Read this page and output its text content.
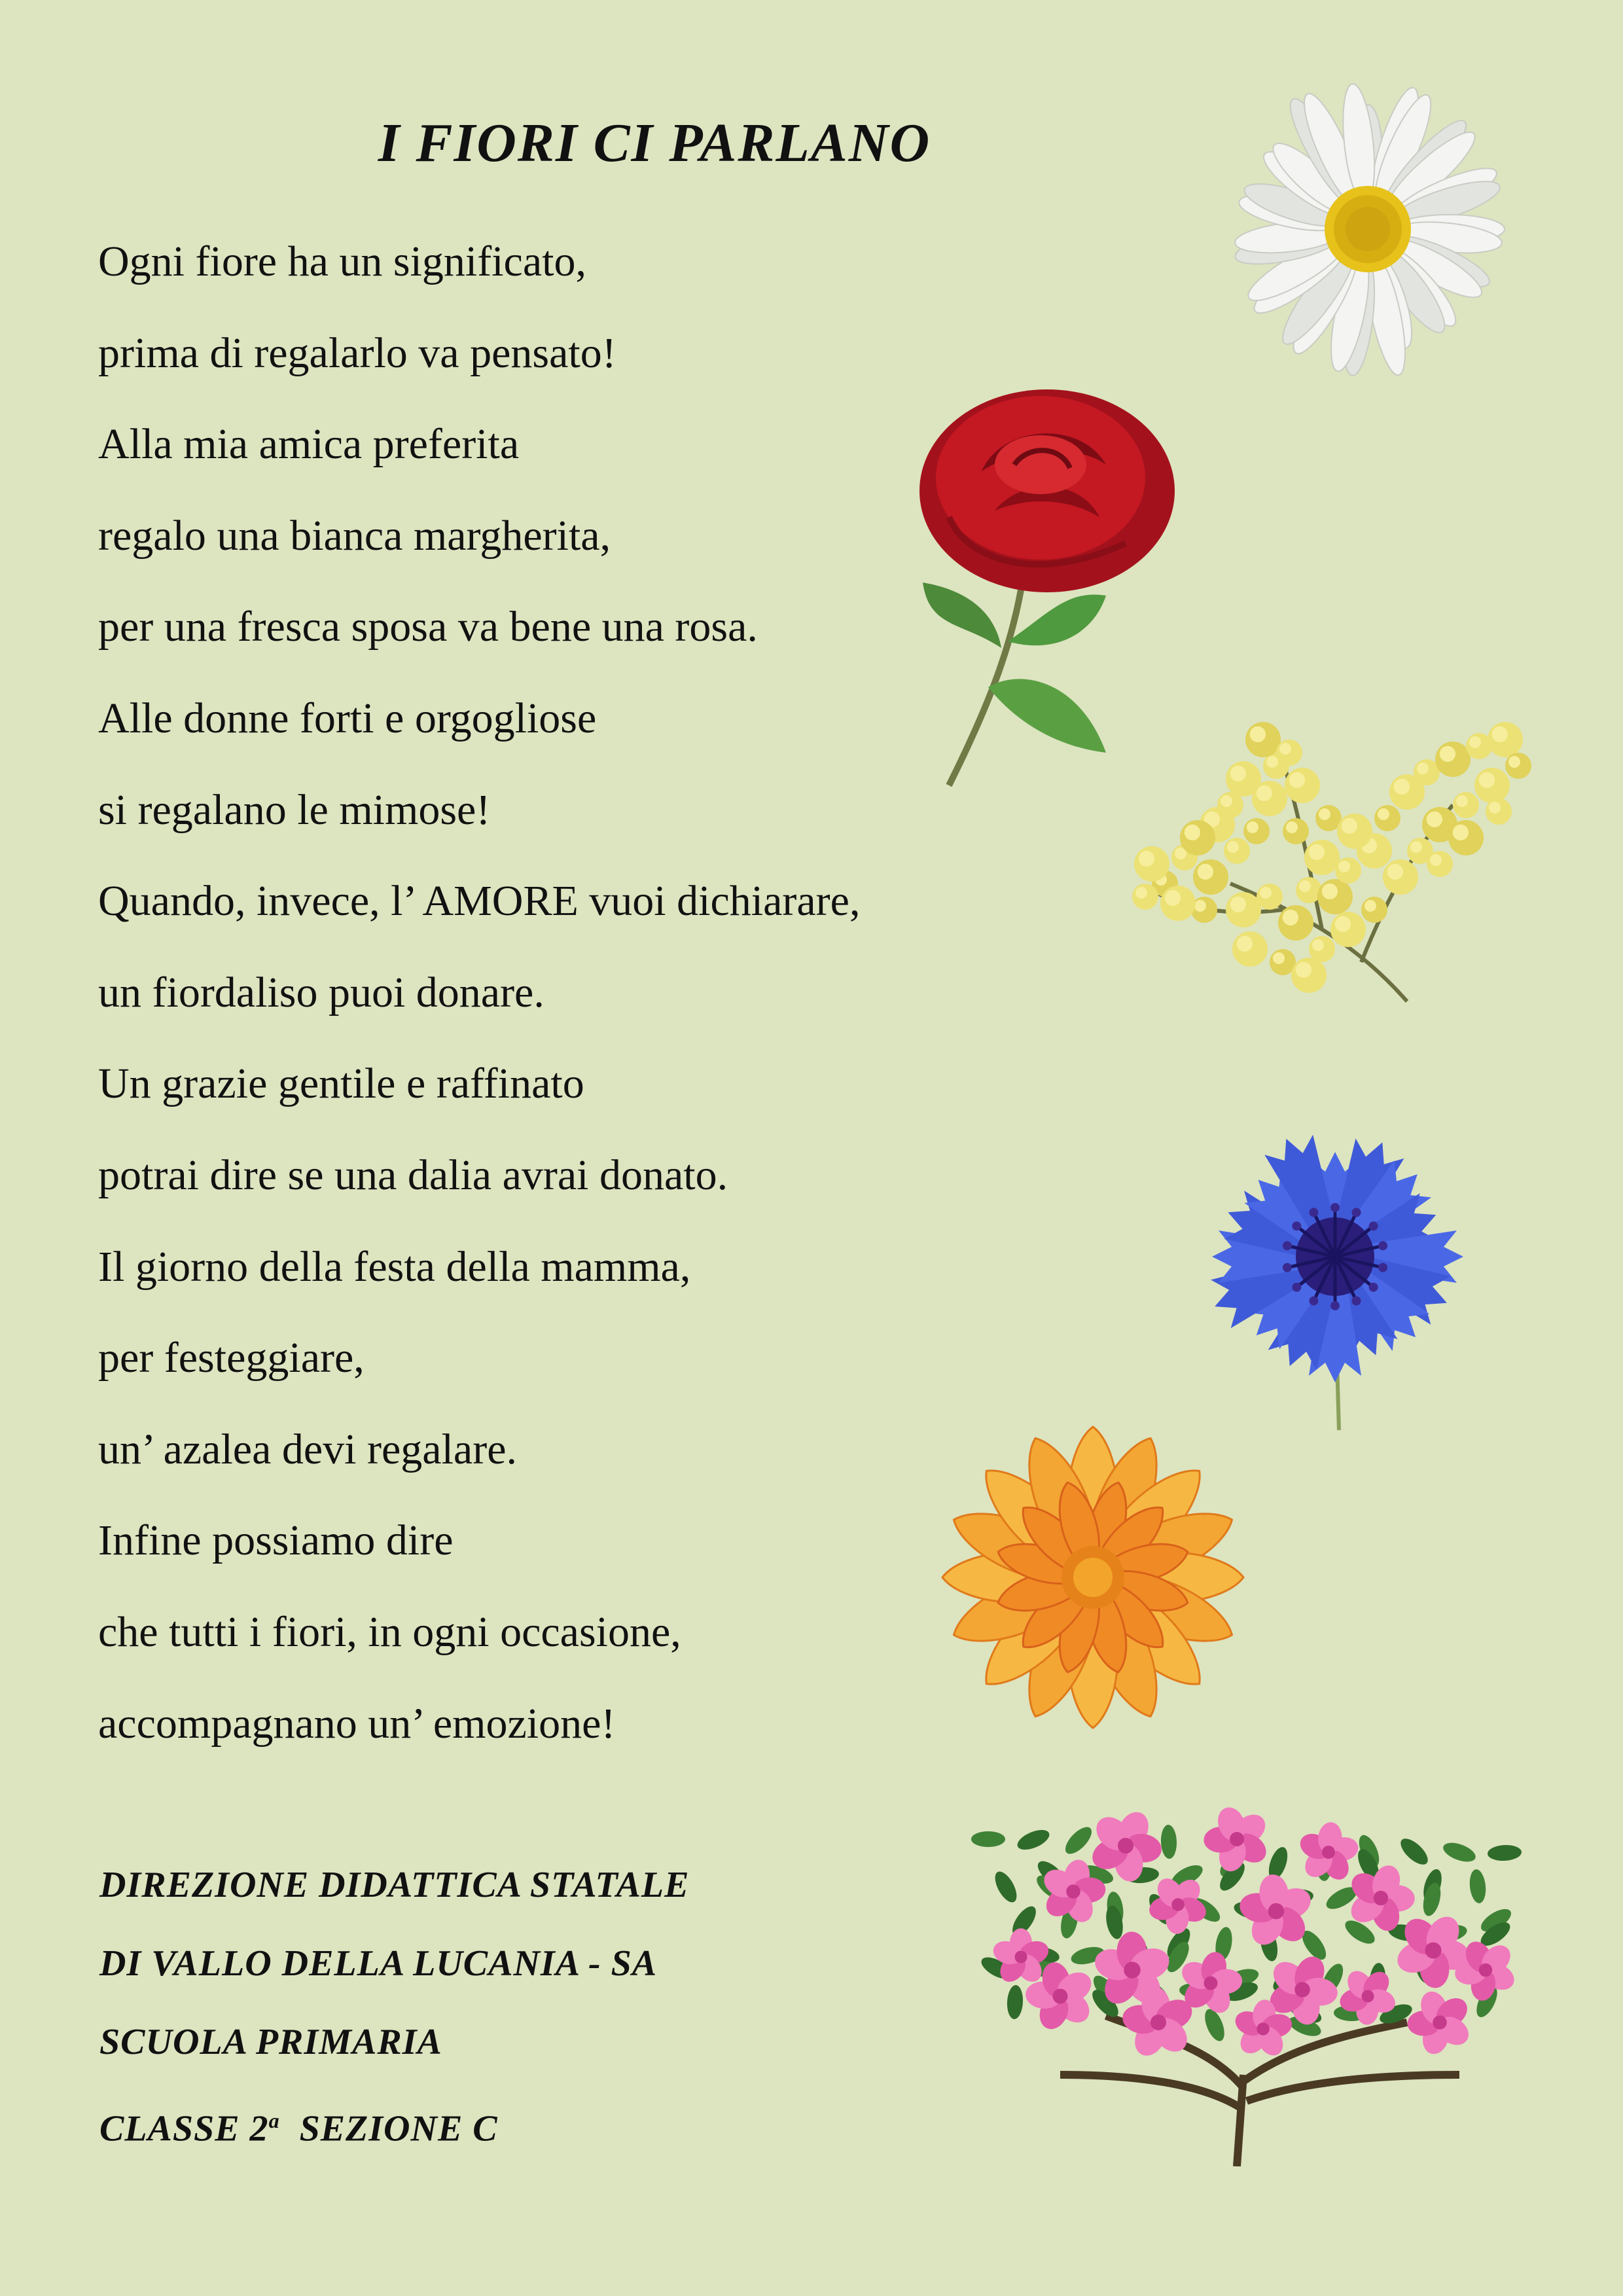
I FIORI CI PARLANO
Ogni fiore ha un significato,
prima di regalarlo va pensato!
Alla mia amica preferita
regalo una bianca margherita,
per una fresca sposa va bene una rosa.
Alle donne forti e orgogliose
si regalano le mimose!
Quando, invece, l’ AMORE vuoi dichiarare,
un fiordaliso puoi donare.
Un grazie gentile e raffinato
potrai dire se una dalia avrai donato.
Il giorno della festa della mamma,
per festeggiare,
un’ azalea devi regalare.
Infine possiamo dire
che tutti i fiori, in ogni occasione,
accompagnano un’ emozione!
DIREZIONE DIDATTICA STATALE
DI VALLO DELLA LUCANIA - SA
SCUOLA PRIMARIA
CLASSE 2$^a$  SEZIONE C
